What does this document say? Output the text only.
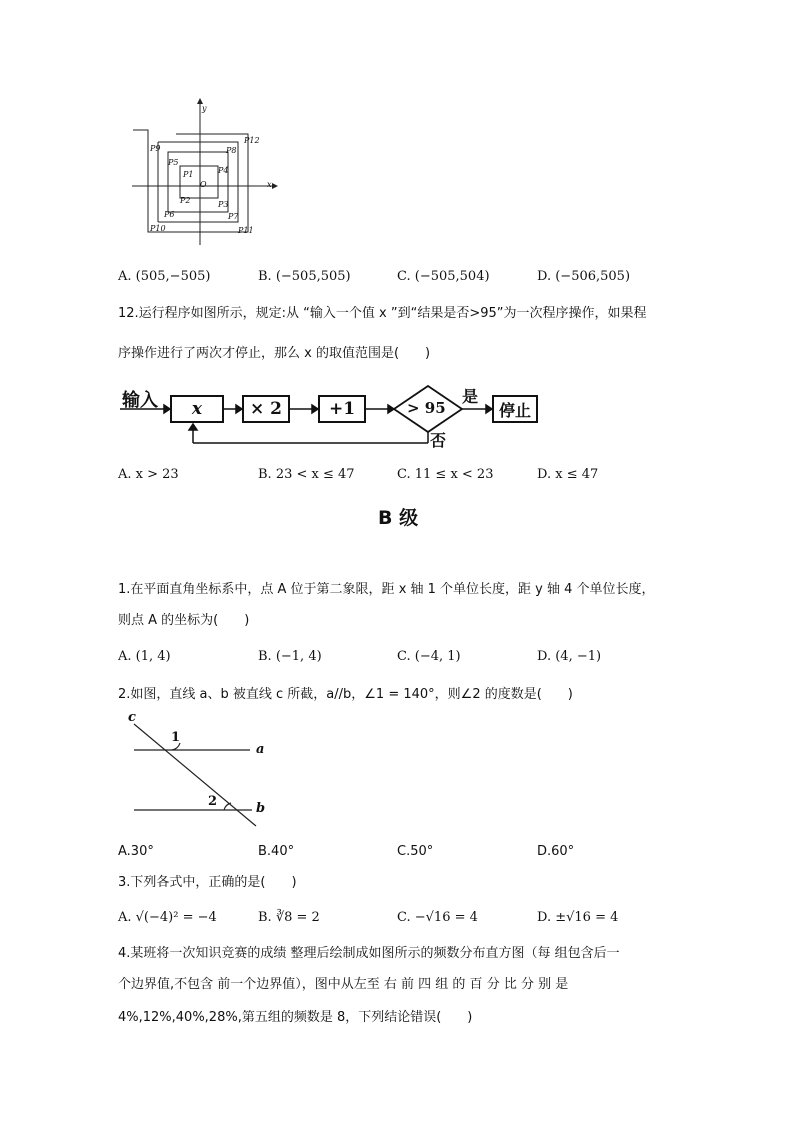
y
x
O
P1
P2	P3
P4
P5
P6	P7
P8
P9
P10	P11
P12
A. (505,−505)	B. (−505,505)	C. (−505,504)	D. (−506,505)
12.运行程序如图所示，规定:从 “输入一个值 x ”到“结果是否>95”为一次程序操作，如果程
序操作进行了两次才停止，那么 x 的取值范围是(　　)
输入 x	× 2	+1	> 95
是
否
停止
A. x > 23	B. 23 < x ≤ 47	C. 11 ≤ x < 23	D. x ≤ 47
B 级
1.在平面直角坐标系中，点 A 位于第二象限，距 x 轴 1 个单位长度，距 y 轴 4 个单位长度，
则点 A 的坐标为(　　)
A. (1, 4)	B. (−1, 4)	C. (−4, 1)	D. (4, −1)
2.如图，直线 a、b 被直线 c 所截，a//b，∠1 = 140°，则∠2 的度数是(　　)
c
1
a
2	b
A.30°	B.40°	C.50°	D.60°
3.下列各式中，正确的是(　　)
A. √(−4)² = −4	B. ∛8 = 2	C. −√16 = 4	D. ±√16 = 4
4.某班将一次知识竞赛的成绩 整理后绘制成如图所示的频数分布直方图（每 组包含后一
个边界值,不包含 前一个边界值），图中从左至 右 前 四 组 的 百 分 比 分 别 是
4%,12%,40%,28%,第五组的频数是 8，下列结论错误(　　)
